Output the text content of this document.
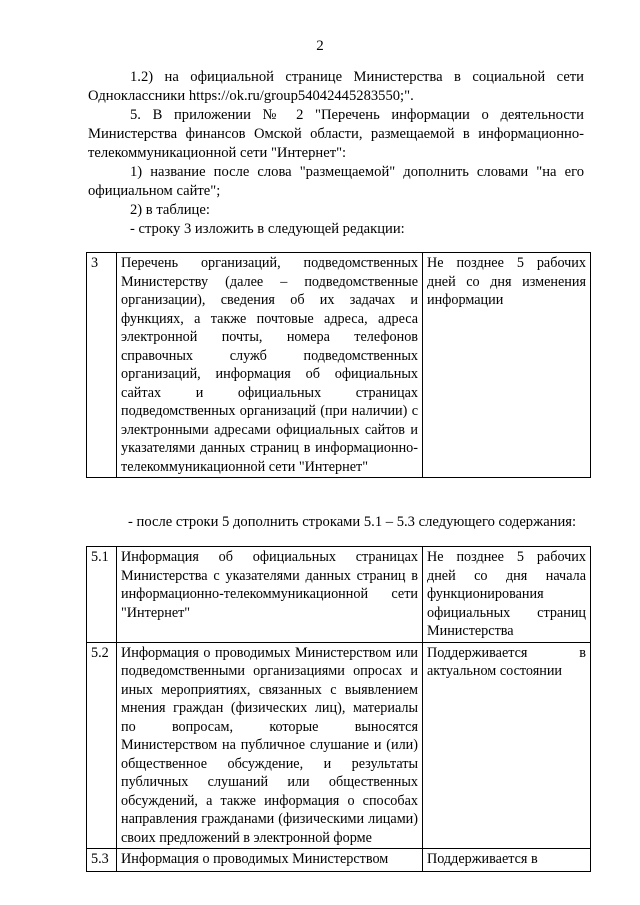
2

1.2) на официальной странице Министерства в социальной сети Одноклассники https://ok.ru/group54042445283550;".

5. В приложении № 2 "Перечень информации о деятельности Министерства финансов Омской области, размещаемой в информационно-телекоммуникационной сети "Интернет":

1) название после слова "размещаемой" дополнить словами "на его официальном сайте";

2) в таблице:

- строку 3 изложить в следующей редакции:

3	Перечень организаций, подведомственных Министерству (далее – подведомственные организации), сведения об их задачах и функциях, а также почтовые адреса, адреса электронной почты, номера телефонов справочных служб подведомственных организаций, информация об официальных сайтах и официальных страницах подведомственных организаций (при наличии) с электронными адресами официальных сайтов и указателями данных страниц в информационно-телекоммуникационной сети "Интернет"	Не позднее 5 рабочих дней со дня изменения информации
- после строки 5 дополнить строками 5.1 – 5.3 следующего содержания:
5.1	Информация об официальных страницах Министерства с указателями данных страниц в информационно-телекоммуникационной сети "Интернет"	Не позднее 5 рабочих дней со дня начала функционирования официальных страниц Министерства
5.2	Информация о проводимых Министерством или подведомственными организациями опросах и иных мероприятиях, связанных с выявлением мнения граждан (физических лиц), материалы по вопросам, которые выносятся Министерством на публичное слушание и (или) общественное обсуждение, и результаты публичных слушаний или общественных обсуждений, а также информация о способах направления гражданами (физическими лицами) своих предложений в электронной форме	Поддерживается в актуальном состоянии
5.3	Информация о проводимых Министерством	Поддерживается в
